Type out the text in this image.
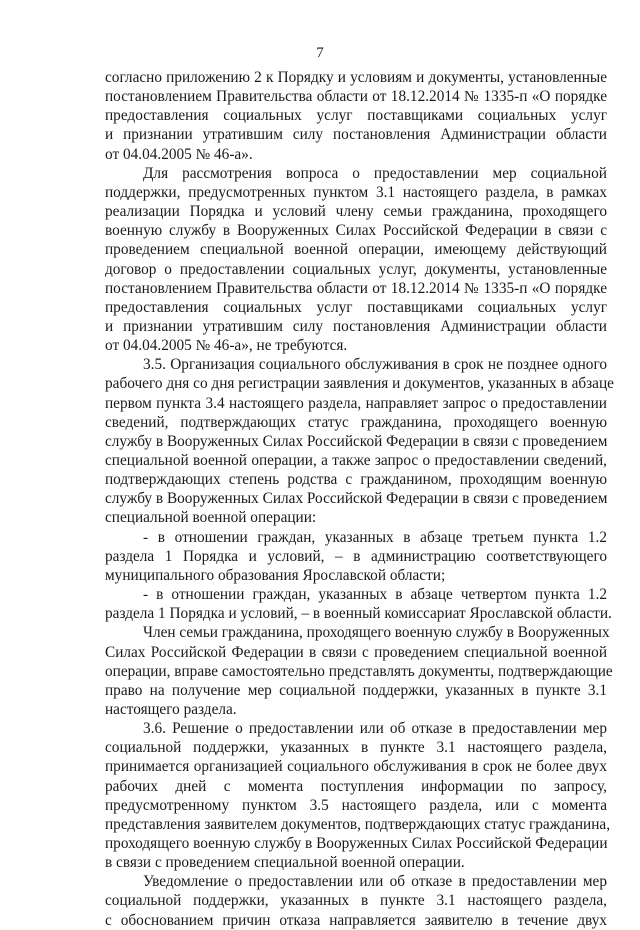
7
согласно приложению 2 к Порядку и условиям и документы, установленные
постановлением Правительства области от 18.12.2014 № 1335-п «О порядке
предоставления социальных услуг поставщиками социальных услуг
и признании утратившим силу постановления Администрации области
от 04.04.2005 № 46-а».
Для рассмотрения вопроса о предоставлении мер социальной
поддержки, предусмотренных пунктом 3.1 настоящего раздела, в рамках
реализации Порядка и условий члену семьи гражданина, проходящего
военную службу в Вооруженных Силах Российской Федерации в связи с
проведением специальной военной операции, имеющему действующий
договор о предоставлении социальных услуг, документы, установленные
постановлением Правительства области от 18.12.2014 № 1335-п «О порядке
предоставления социальных услуг поставщиками социальных услуг
и признании утратившим силу постановления Администрации области
от 04.04.2005 № 46-а», не требуются.
3.5. Организация социального обслуживания в срок не позднее одного
рабочего дня со дня регистрации заявления и документов, указанных в абзаце
первом пункта 3.4 настоящего раздела, направляет запрос о предоставлении
сведений, подтверждающих статус гражданина, проходящего военную
службу в Вооруженных Силах Российской Федерации в связи с проведением
специальной военной операции, а также запрос о предоставлении сведений,
подтверждающих степень родства с гражданином, проходящим военную
службу в Вооруженных Силах Российской Федерации в связи с проведением
специальной военной операции:
- в отношении граждан, указанных в абзаце третьем пункта 1.2
раздела 1 Порядка и условий, – в администрацию соответствующего
муниципального образования Ярославской области;
- в отношении граждан, указанных в абзаце четвертом пункта 1.2
раздела 1 Порядка и условий, – в военный комиссариат Ярославской области.
Член семьи гражданина, проходящего военную службу в Вооруженных
Силах Российской Федерации в связи с проведением специальной военной
операции, вправе самостоятельно представлять документы, подтверждающие
право на получение мер социальной поддержки, указанных в пункте 3.1
настоящего раздела.
3.6. Решение о предоставлении или об отказе в предоставлении мер
социальной поддержки, указанных в пункте 3.1 настоящего раздела,
принимается организацией социального обслуживания в срок не более двух
рабочих дней с момента поступления информации по запросу,
предусмотренному пунктом 3.5 настоящего раздела, или с момента
представления заявителем документов, подтверждающих статус гражданина,
проходящего военную службу в Вооруженных Силах Российской Федерации
в связи с проведением специальной военной операции.
Уведомление о предоставлении или об отказе в предоставлении мер
социальной поддержки, указанных в пункте 3.1 настоящего раздела,
с обоснованием причин отказа направляется заявителю в течение двух
